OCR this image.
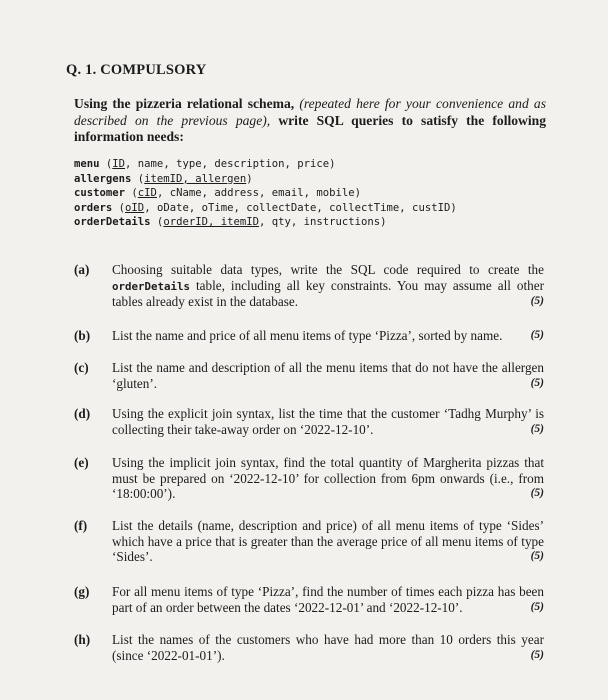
Q. 1. COMPULSORY
Using the pizzeria relational schema, (repeated here for your convenience and as described on the previous page), write SQL queries to satisfy the following information needs:
menu (ID, name, type, description, price)
allergens (itemID, allergen)
customer (cID, cName, address, email, mobile)
orders (oID, oDate, oTime, collectDate, collectTime, custID)
orderDetails (orderID, itemID, qty, instructions)
(a) Choosing suitable data types, write the SQL code required to create the orderDetails table, including all key constraints. You may assume all other tables already exist in the database.	(5)
(b)	(5)
List the name and price of all menu items of type ‘Pizza’, sorted by name.
(c) List the name and description of all the menu items that do not have the allergen ‘gluten’.	(5)
(d) Using the explicit join syntax, list the time that the customer ‘Tadhg Murphy’ is collecting their take-away order on ‘2022-12-10’.	(5)
(e) Using the implicit join syntax, find the total quantity of Margherita pizzas that must be prepared on ‘2022-12-10’ for collection from 6pm onwards (i.e., from ‘18:00:00’).	(5)
(f) List the details (name, description and price) of all menu items of type ‘Sides’ which have a price that is greater than the average price of all menu items of type ‘Sides’.	(5)
(g) For all menu items of type ‘Pizza’, find the number of times each pizza has been part of an order between the dates ‘2022-12-01’ and ‘2022-12-10’.	(5)
(h) List the names of the customers who have had more than 10 orders this year (since ‘2022-01-01’).	(5)
